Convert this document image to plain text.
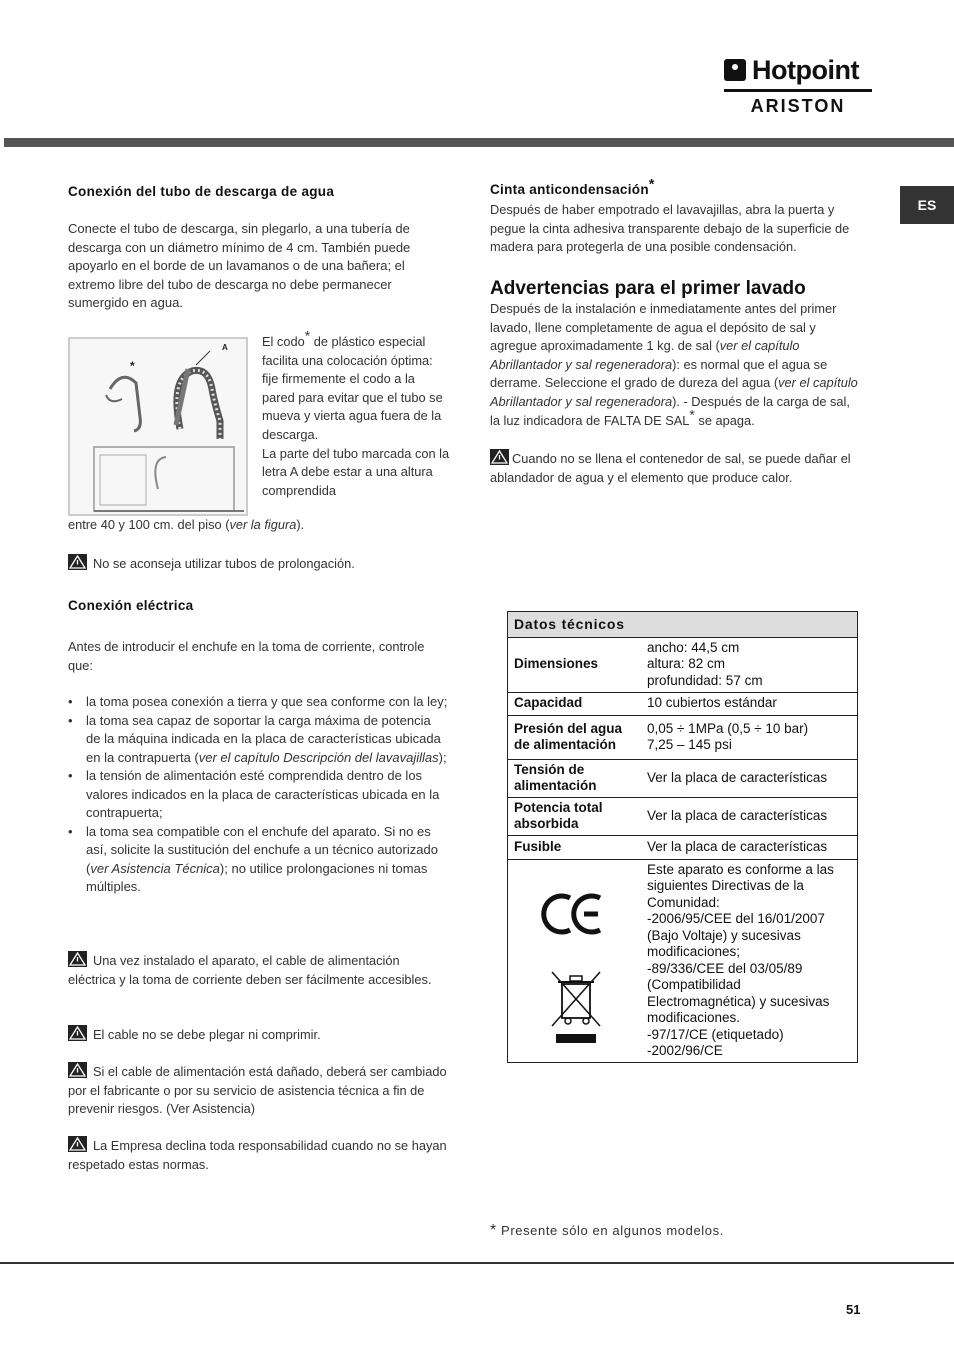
Hotpoint
ARISTON
ES
Conexión del tubo de descarga de agua

Conecte el tubo de descarga, sin plegarlo, a una tubería de descarga con un diámetro mínimo de 4 cm. También puede apoyarlo en el borde de un lavamanos o de una bañera; el extremo libre del tubo de descarga no debe permanecer sumergido en agua.

A
*
El codo* de plástico especial facilita una colocación óptima: fije firmemente el codo a la pared para evitar que el tubo se mueva y vierta agua fuera de la descarga.
La parte del tubo marcada con la letra A debe estar a una altura comprendida
entre 40 y 100 cm. del piso (ver la figura).
No se aconseja utilizar tubos de prolongación.
Conexión eléctrica

Antes de introducir el enchufe en la toma de corriente, controle que:

• la toma posea conexión a tierra y que sea conforme con la ley;
• la toma sea capaz de soportar la carga máxima de potencia de la máquina indicada en la placa de características ubicada en la contrapuerta (ver el capítulo Descripción del lavavajillas);
• la tensión de alimentación esté comprendida dentro de los valores indicados en la placa de características ubicada en la contrapuerta;
• la toma sea compatible con el enchufe del aparato. Si no es así, solicite la sustitución del enchufe a un técnico autorizado (ver Asistencia Técnica); no utilice prolongaciones ni tomas múltiples.
Una vez instalado el aparato, el cable de alimentación eléctrica y la toma de corriente deben ser fácilmente accesibles.
El cable no se debe plegar ni comprimir.
Si el cable de alimentación está dañado, deberá ser cambiado por el fabricante o por su servicio de asistencia técnica a fin de prevenir riesgos. (Ver Asistencia)
La Empresa declina toda responsabilidad cuando no se hayan respetado estas normas.
Cinta anticondensación*

Después de haber empotrado el lavavajillas, abra la puerta y pegue la cinta adhesiva transparente debajo de la superficie de madera para protegerla de una posible condensación.

Advertencias para el primer lavado
Después de la instalación e inmediatamente antes del primer lavado, llene completamente de agua el depósito de sal y agregue aproximadamente 1 kg. de sal (ver el capítulo Abrillantador y sal regeneradora): es normal que el agua se derrame. Seleccione el grado de dureza del agua (ver el capítulo Abrillantador y sal regeneradora). - Después de la carga de sal, la luz indicadora de FALTA DE SAL* se apaga.
Cuando no se llena el contenedor de sal, se puede dañar el ablandador de agua y el elemento que produce calor.
Datos técnicos	
Dimensiones	ancho: 44,5 cm
altura: 82 cm
profundidad: 57 cm
Capacidad	10 cubiertos estándar
Presión del agua de alimentación	0,05 ÷ 1MPa (0,5 ÷ 10 bar)
7,25 – 145 psi
Tensión de alimentación	Ver la placa de características
Potencia total absorbida	Ver la placa de características
Fusible	Ver la placa de características
	Este aparato es conforme a las siguientes Directivas de la Comunidad:
-2006/95/CEE del 16/01/2007 (Bajo Voltaje) y sucesivas modificaciones;
-89/336/CEE del 03/05/89 (Compatibilidad Electromagnética) y sucesivas modificaciones.
-97/17/CE (etiquetado)
-2002/96/CE
* Presente sólo en algunos modelos.
51
